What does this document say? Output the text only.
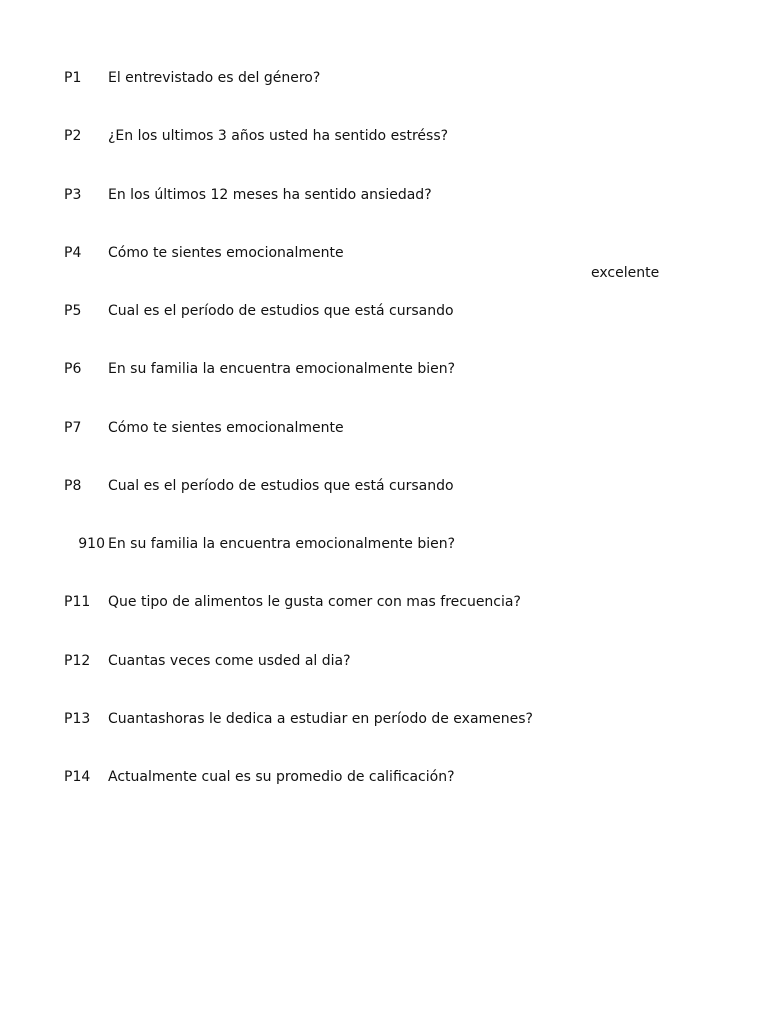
P1	El entrevistado es del género?
P2	¿En los ultimos 3 años usted ha sentido estréss?
P3	En los últimos 12 meses ha sentido ansiedad?
P4	Cómo te sientes emocionalmente
excelente
P5	Cual es el período de estudios que está cursando
P6	En su familia la encuentra emocionalmente bien?
P7	Cómo te sientes emocionalmente
P8	Cual es el período de estudios que está cursando
910 En su familia la encuentra emocionalmente bien?
P11	Que tipo de alimentos le gusta comer con mas frecuencia?
P12	Cuantas veces come usded al dia?
P13	Cuantashoras le dedica a estudiar en período de examenes?
P14	Actualmente cual es su promedio de calificación?
